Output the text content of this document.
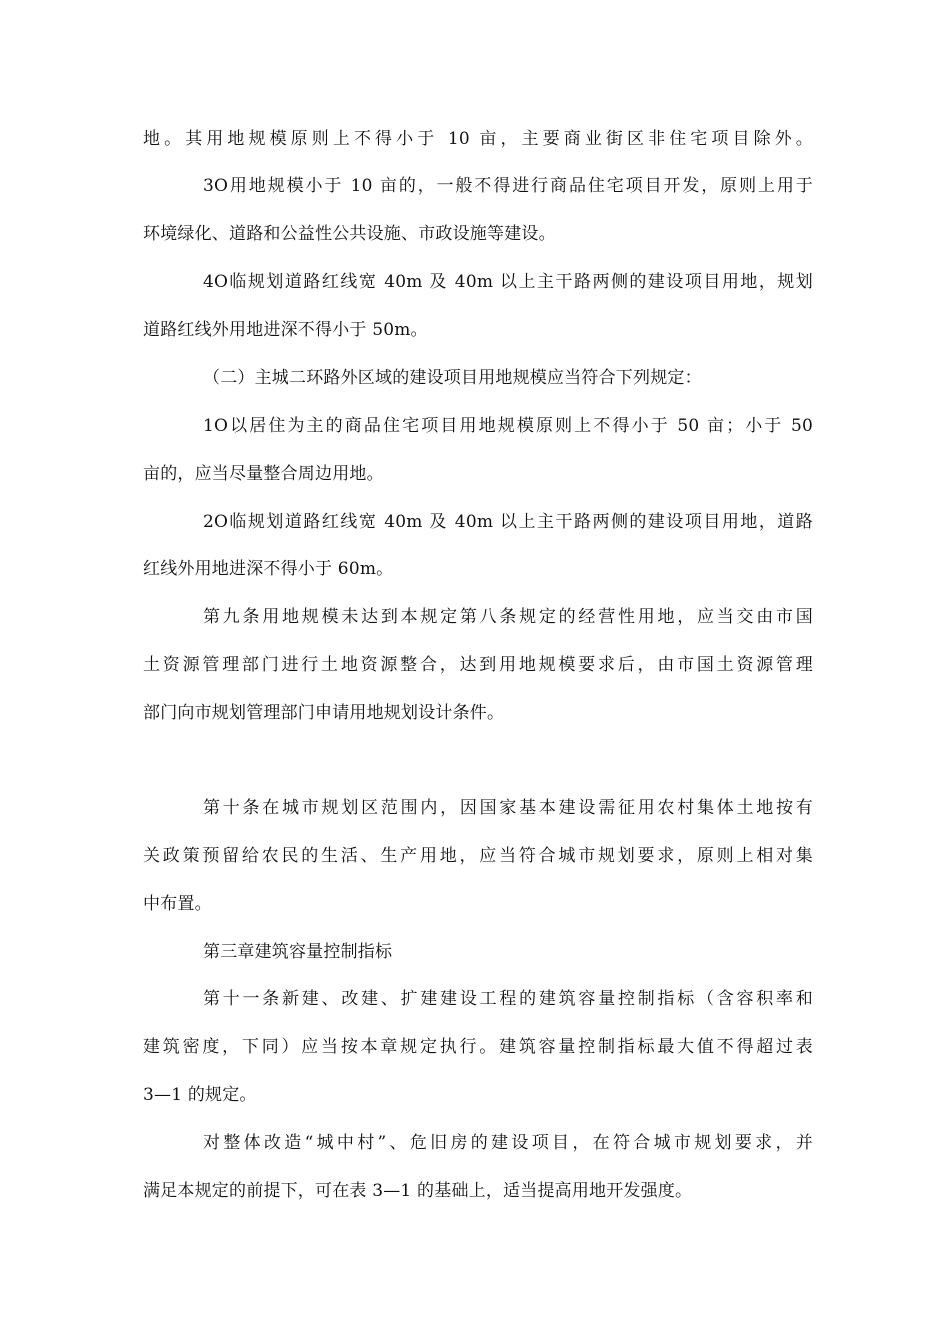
地。其用地规模原则上不得小于 10 亩，主要商业街区非住宅项目除外。
3O用地规模小于 10 亩的，一般不得进行商品住宅项目开发，原则上用于
环境绿化、道路和公益性公共设施、市政设施等建设。
4O临规划道路红线宽 40m 及 40m 以上主干路两侧的建设项目用地，规划
道路红线外用地进深不得小于 50m。
（二）主城二环路外区域的建设项目用地规模应当符合下列规定：
1O以居住为主的商品住宅项目用地规模原则上不得小于 50 亩；小于 50
亩的，应当尽量整合周边用地。
2O临规划道路红线宽 40m 及 40m 以上主干路两侧的建设项目用地，道路
红线外用地进深不得小于 60m。
第九条用地规模未达到本规定第八条规定的经营性用地，应当交由市国
土资源管理部门进行土地资源整合，达到用地规模要求后，由市国土资源管理
部门向市规划管理部门申请用地规划设计条件。
第十条在城市规划区范围内，因国家基本建设需征用农村集体土地按有
关政策预留给农民的生活、生产用地，应当符合城市规划要求，原则上相对集
中布置。
第三章建筑容量控制指标
第十一条新建、改建、扩建建设工程的建筑容量控制指标（含容积率和
建筑密度，下同）应当按本章规定执行。建筑容量控制指标最大值不得超过表
3—1 的规定。
对整体改造“城中村”、危旧房的建设项目，在符合城市规划要求，并
满足本规定的前提下，可在表 3—1 的基础上，适当提高用地开发强度。
